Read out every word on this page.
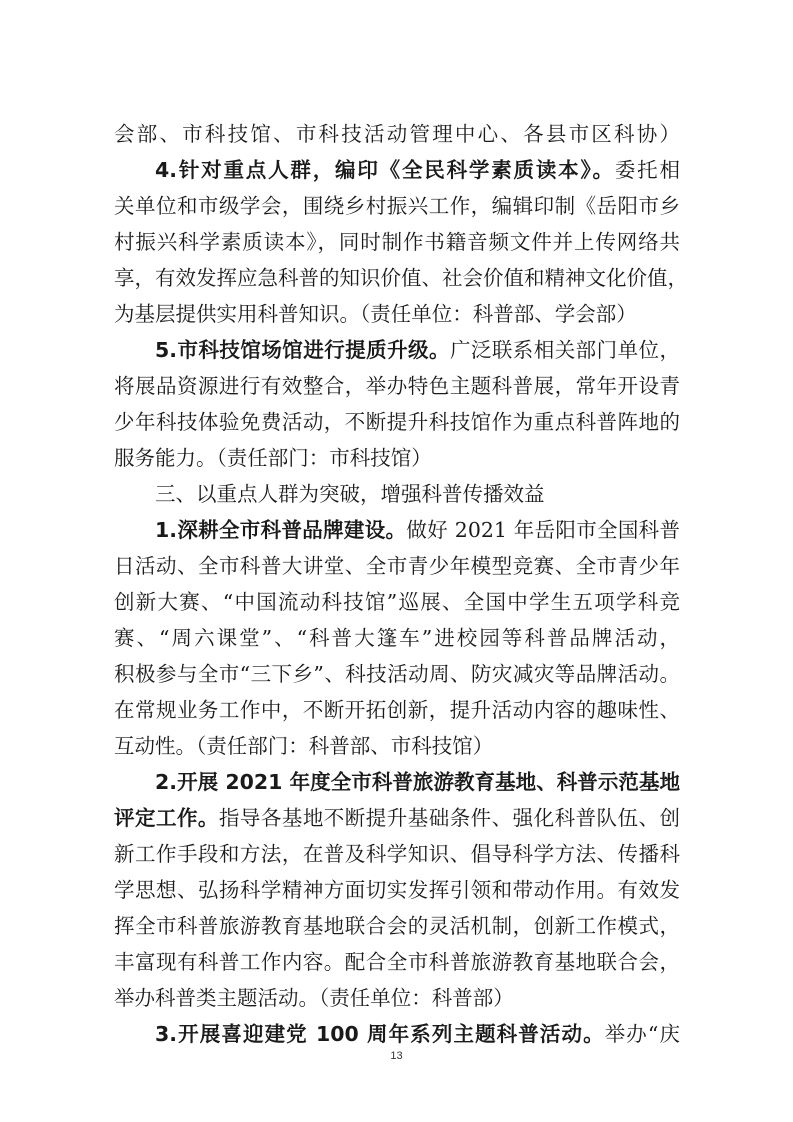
会部、市科技馆、市科技活动管理中心、各县市区科协）
4.针对重点人群，编印《全民科学素质读本》。委托相
关单位和市级学会，围绕乡村振兴工作，编辑印制《岳阳市乡
村振兴科学素质读本》，同时制作书籍音频文件并上传网络共
享，有效发挥应急科普的知识价值、社会价值和精神文化价值，
为基层提供实用科普知识。（责任单位：科普部、学会部）
5.市科技馆场馆进行提质升级。广泛联系相关部门单位，
将展品资源进行有效整合，举办特色主题科普展，常年开设青
少年科技体验免费活动，不断提升科技馆作为重点科普阵地的
服务能力。（责任部门：市科技馆）
三、以重点人群为突破，增强科普传播效益
1.深耕全市科普品牌建设。做好 2021 年岳阳市全国科普
日活动、全市科普大讲堂、全市青少年模型竞赛、全市青少年
创新大赛、“中国流动科技馆”巡展、全国中学生五项学科竞
赛、“周六课堂”、“科普大篷车”进校园等科普品牌活动，
积极参与全市“三下乡”、科技活动周、防灾减灾等品牌活动。
在常规业务工作中，不断开拓创新，提升活动内容的趣味性、
互动性。（责任部门：科普部、市科技馆）
2.开展 2021 年度全市科普旅游教育基地、科普示范基地
评定工作。指导各基地不断提升基础条件、强化科普队伍、创
新工作手段和方法，在普及科学知识、倡导科学方法、传播科
学思想、弘扬科学精神方面切实发挥引领和带动作用。有效发
挥全市科普旅游教育基地联合会的灵活机制，创新工作模式，
丰富现有科普工作内容。配合全市科普旅游教育基地联合会，
举办科普类主题活动。（责任单位：科普部）
3.开展喜迎建党 100 周年系列主题科普活动。举办“庆
13
